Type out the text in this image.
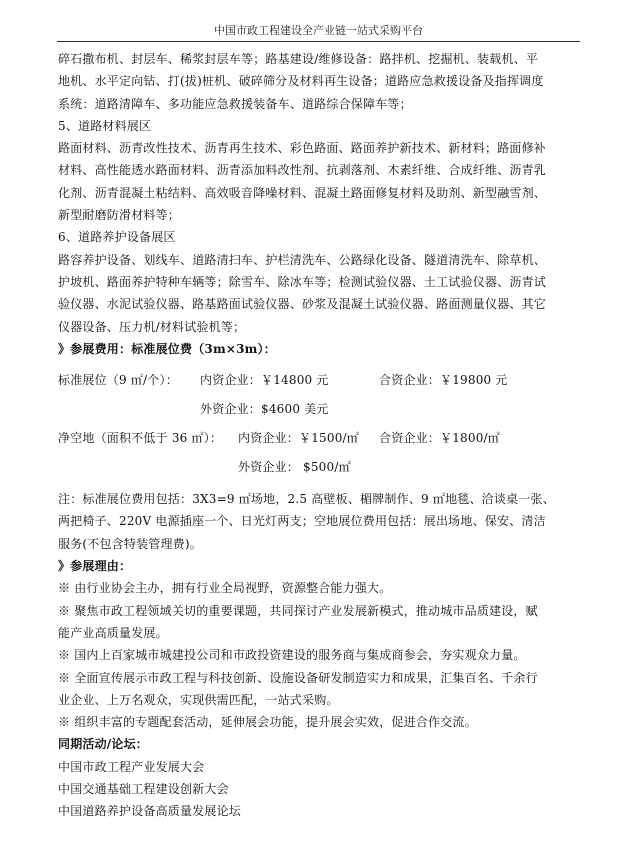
中国市政工程建设全产业链一站式采购平台

碎石撒布机、封层车、稀浆封层车等；路基建设/维修设备：路拌机、挖掘机、装载机、平

地机、水平定向钻、打(拔)桩机、破碎筛分及材料再生设备；道路应急救援设备及指挥调度

系统：道路清障车、多功能应急救援装备车、道路综合保障车等；

5、道路材料展区

路面材料、沥青改性技术、沥青再生技术、彩色路面、路面养护新技术、新材料；路面修补

材料、高性能透水路面材料、沥青添加料改性剂、抗剥落剂、木素纤维、合成纤维、沥青乳

化剂、沥青混凝土粘结料、高效吸音降噪材料、混凝土路面修复材料及助剂、新型融雪剂、

新型耐磨防滑材料等；

6、道路养护设备展区

路容养护设备、划线车、道路清扫车、护栏清洗车、公路绿化设备、隧道清洗车、除草机、

护坡机、路面养护特种车辆等；除雪车、除冰车等；检测试验仪器、土工试验仪器、沥青试

验仪器、水泥试验仪器、路基路面试验仪器、砂浆及混凝土试验仪器、路面测量仪器、其它

仪器设备、压力机/材料试验机等；

》参展费用：标准展位费（3m×3m）：

标准展位（9 ㎡/个）： 内资企业：￥14800 元	合资企业：￥19800 元
外资企业：$4600 美元
净空地（面积不低于 36 ㎡）： 内资企业：￥1500/㎡ 合资企业：￥1800/㎡
外资企业： $500/㎡

注：标准展位费用包括：3X3=9 ㎡场地，2.5 高壁板、楣牌制作、9 ㎡地毯、洽谈桌一张、

两把椅子、220V 电源插座一个、日光灯两支；空地展位费用包括：展出场地、保安、清洁

服务(不包含特装管理费)。

》参展理由：

※ 由行业协会主办，拥有行业全局视野，资源整合能力强大。

※ 聚焦市政工程领域关切的重要课题，共同探讨产业发展新模式，推动城市品质建设，赋

能产业高质量发展。

※ 国内上百家城市城建投公司和市政投资建设的服务商与集成商参会，夯实观众力量。

※ 全面宣传展示市政工程与科技创新、设施设备研发制造实力和成果，汇集百名、千余行

业企业、上万名观众，实现供需匹配，一站式采购。

※ 组织丰富的专题配套活动，延伸展会功能，提升展会实效，促进合作交流。

同期活动/论坛：

中国市政工程产业发展大会

中国交通基础工程建设创新大会

中国道路养护设备高质量发展论坛
